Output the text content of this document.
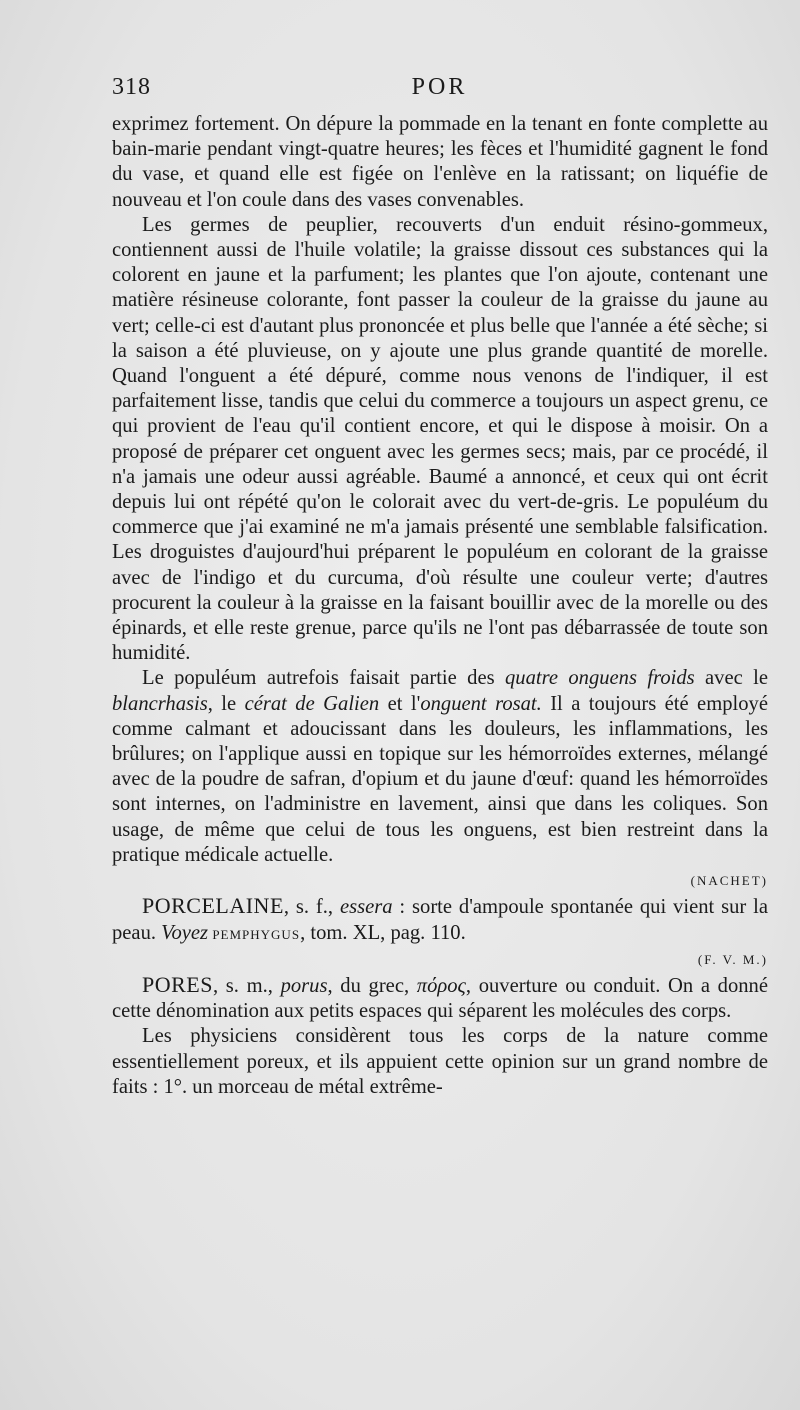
318	POR

exprimez fortement. On dépure la pommade en la tenant en fonte complette au bain-marie pendant vingt-quatre heures; les fèces et l'humidité gagnent le fond du vase, et quand elle est figée on l'enlève en la ratissant; on liquéfie de nouveau et l'on coule dans des vases convenables.

Les germes de peuplier, recouverts d'un enduit résino-gommeux, contiennent aussi de l'huile volatile; la graisse dissout ces substances qui la colorent en jaune et la parfument; les plantes que l'on ajoute, contenant une matière résineuse colorante, font passer la couleur de la graisse du jaune au vert; celle-ci est d'autant plus prononcée et plus belle que l'année a été sèche; si la saison a été pluvieuse, on y ajoute une plus grande quantité de morelle. Quand l'onguent a été dépuré, comme nous venons de l'indiquer, il est parfaitement lisse, tandis que celui du commerce a toujours un aspect grenu, ce qui provient de l'eau qu'il contient encore, et qui le dispose à moisir. On a proposé de préparer cet onguent avec les germes secs; mais, par ce procédé, il n'a jamais une odeur aussi agréable. Baumé a annoncé, et ceux qui ont écrit depuis lui ont répété qu'on le colorait avec du vert-de-gris. Le populéum du commerce que j'ai examiné ne m'a jamais présenté une semblable falsification. Les droguistes d'aujourd'hui préparent le populéum en colorant de la graisse avec de l'indigo et du curcuma, d'où résulte une couleur verte; d'autres procurent la couleur à la graisse en la faisant bouillir avec de la morelle ou des épinards, et elle reste grenue, parce qu'ils ne l'ont pas débarrassée de toute son humidité.

Le populéum autrefois faisait partie des quatre onguens froids avec le blancrhasis, le cérat de Galien et l'onguent rosat. Il a toujours été employé comme calmant et adoucissant dans les douleurs, les inflammations, les brûlures; on l'applique aussi en topique sur les hémorroïdes externes, mélangé avec de la poudre de safran, d'opium et du jaune d'œuf: quand les hémorroïdes sont internes, on l'administre en lavement, ainsi que dans les coliques. Son usage, de même que celui de tous les onguens, est bien restreint dans la pratique médicale actuelle.

(NACHET)

PORCELAINE, s. f., essera : sorte d'ampoule spontanée qui vient sur la peau. Voyez PEMPHYGUS, tom. XL, pag. 110.

(F. V. M.)

PORES, s. m., porus, du grec, πόρος, ouverture ou conduit. On a donné cette dénomination aux petits espaces qui séparent les molécules des corps.

Les physiciens considèrent tous les corps de la nature comme essentiellement poreux, et ils appuient cette opinion sur un grand nombre de faits : 1°. un morceau de métal extrême-
